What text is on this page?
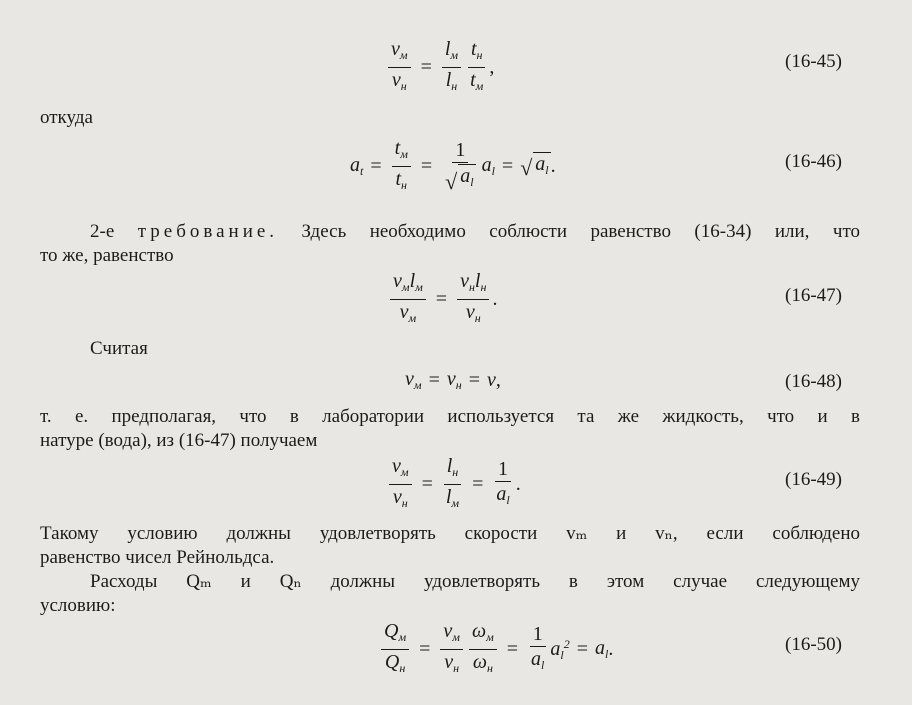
$\frac{v_м}{v_н} = \frac{l_м}{l_н} \frac{t_н}{t_м}$ ,	(16-45)
откуда
$a_t = \frac{t_м}{t_н} = \frac{1}{√ a_l} a_l$ = √ $a_l$ .	(16-46)
2-е требование. Здесь необходимо соблюсти равенство (16-34) или, что
то же, равенство
$\frac{v_мl_м}{\nu_м} = \frac{v_нl_н}{\nu_н}$ .	(16-47)
Считая
$\nu_м = \nu_н = \nu$ ,	(16-48)
т. е. предполагая, что в лаборатории используется та же жидкость, что и в
натуре (вода), из (16-47) получаем
$\frac{v_м}{v_н} = \frac{l_н}{l_м} = \frac{1}{a_l}$ .	(16-49)
Такому условию должны удовлетворять скорости vₘ и vₙ, если соблюдено
равенство чисел Рейнольдса.
Расходы Qₘ и Qₙ должны удовлетворять в этом случае следующему
условию:
$\frac{Q_м}{Q_н} = \frac{v_м}{v_н} \frac{\omega_м}{\omega_н} = \frac{1}{a_l} a_l^2 = a_l$ .	(16-50)
